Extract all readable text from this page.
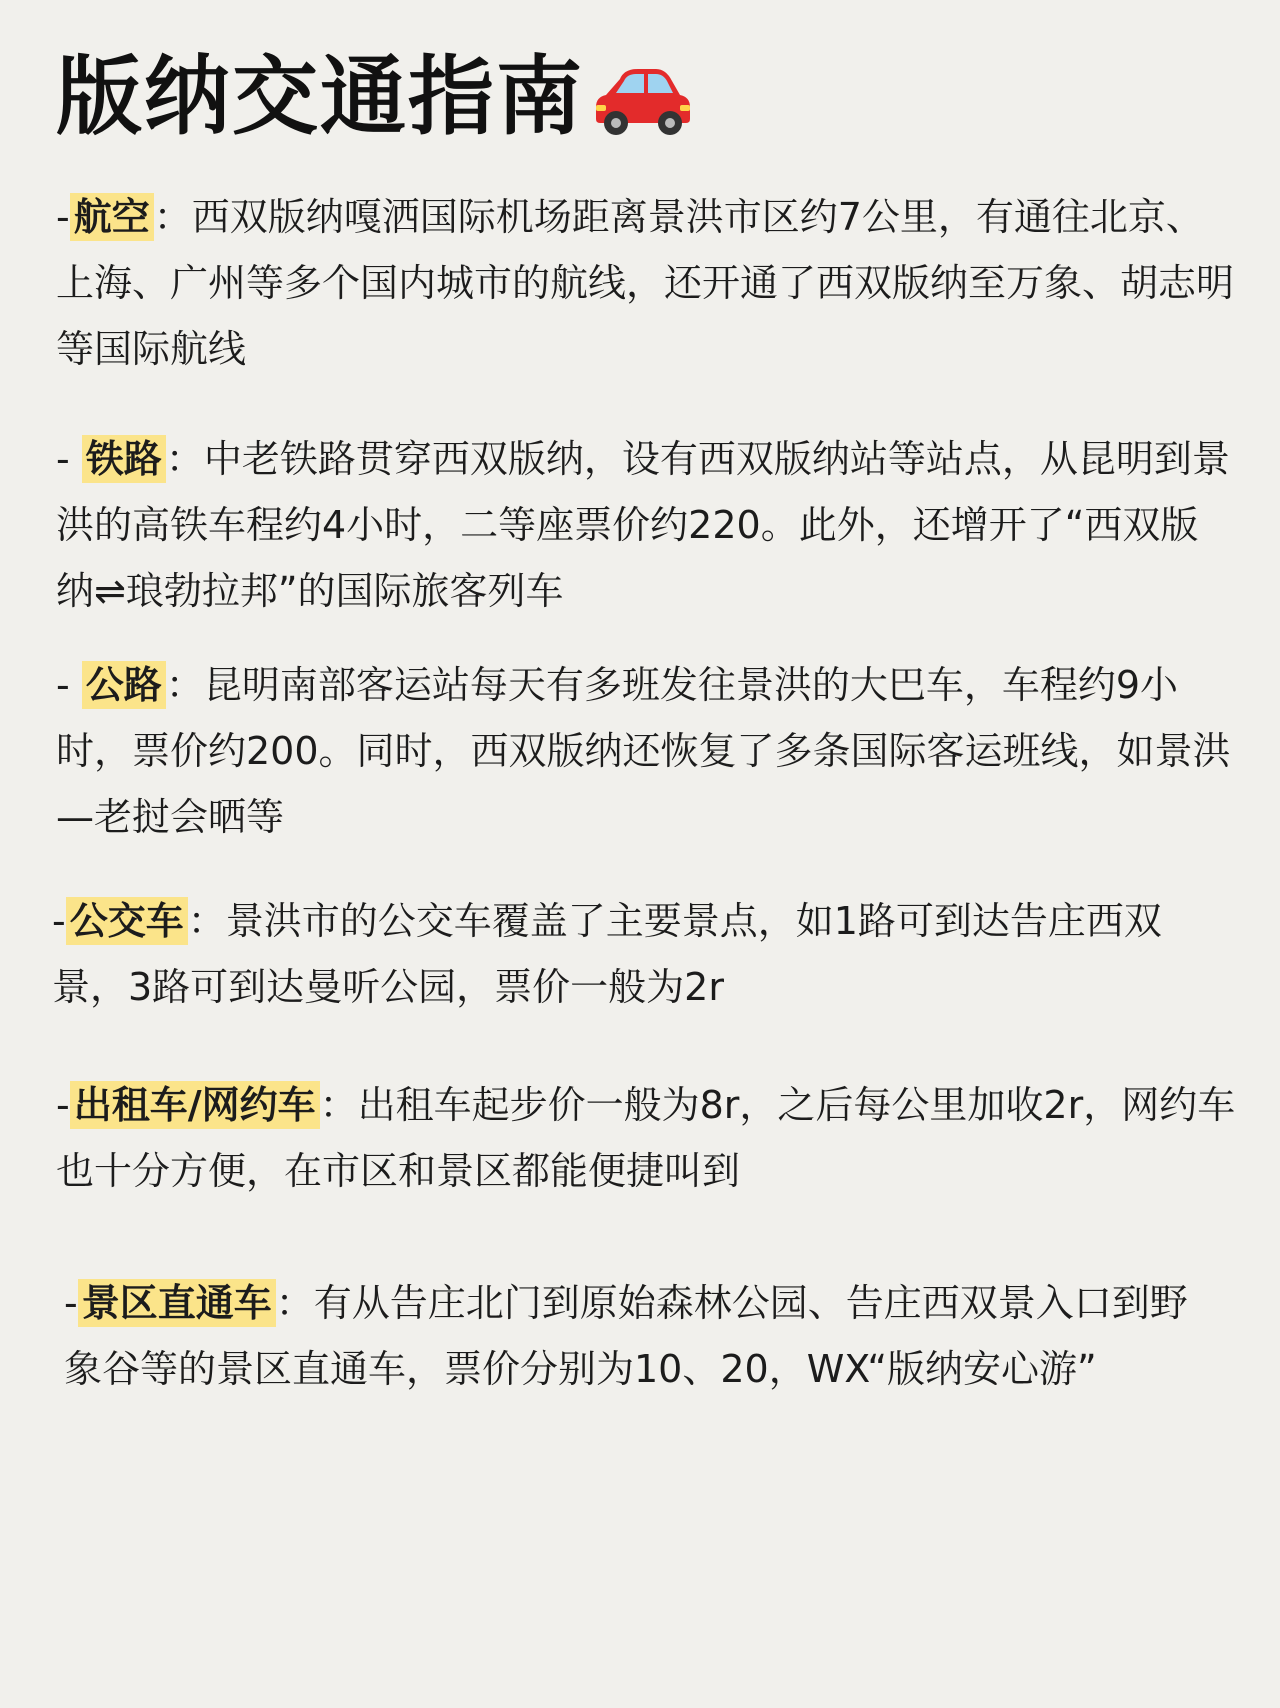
版纳交通指南
- 航空 ：西双版纳嘎洒国际机场距离景洪市区约7公里，有通往北京、上海、广州等多个国内城市的航线，还开通了西双版纳至万象、胡志明等国际航线
- 铁路 ：中老铁路贯穿西双版纳，设有西双版纳站等站点，从昆明到景洪的高铁车程约4小时，二等座票价约220。此外，还增开了“西双版纳⇌琅勃拉邦”的国际旅客列车
- 公路 ：昆明南部客运站每天有多班发往景洪的大巴车，车程约9小时，票价约200。同时，西双版纳还恢复了多条国际客运班线，如景洪—老挝会晒等
- 公交车 ：景洪市的公交车覆盖了主要景点，如1路可到达告庄西双景，3路可到达曼听公园，票价一般为2r
- 出租车/网约车 ：出租车起步价一般为8r，之后每公里加收2r，网约车也十分方便，在市区和景区都能便捷叫到
- 景区直通车 ：有从告庄北门到原始森林公园、告庄西双景入口到野象谷等的景区直通车，票价分别为10、20，WX“版纳安心游”
